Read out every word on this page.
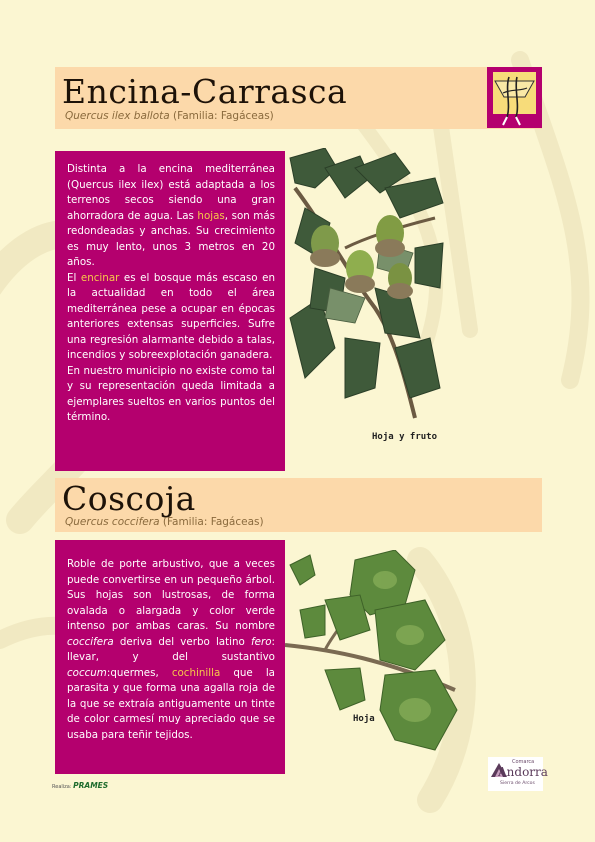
Encina-Carrasca
Quercus ilex ballota (Familia: Fagáceas)

Distinta a la encina mediterránea (Quercus ilex ilex) está adaptada a los terrenos secos siendo una gran ahorradora de agua. Las hojas, son más redondeadas y anchas. Su crecimiento es muy lento, unos 3 metros en 20 años.
El encinar es el bosque más escaso en la actualidad en todo el área mediterránea pese a ocupar en épocas anteriores extensas superficies. Sufre una regresión alarmante debido a talas, incendios y sobreexplotación ganadera.
En nuestro municipio no existe como tal y su representación queda limitada a ejemplares sueltos en varios puntos del término.

Hoja y fruto
Coscoja
Quercus coccifera (Familia: Fagáceas)

Roble de porte arbustivo, que a veces puede convertirse en un pequeño árbol. Sus hojas son lustrosas, de forma ovalada o alargada y color verde intenso por ambas caras. Su nombre coccifera deriva del verbo latino fero: llevar, y del sustantivo coccum:quermes, cochinilla que la parasita y que forma una agalla roja de la que se extraía antiguamente un tinte de color carmesí muy apreciado que se usaba para teñir tejidos.

Hoja
Realiza: PRAMES
Comarca
Andorra
Sierra de Arcos
